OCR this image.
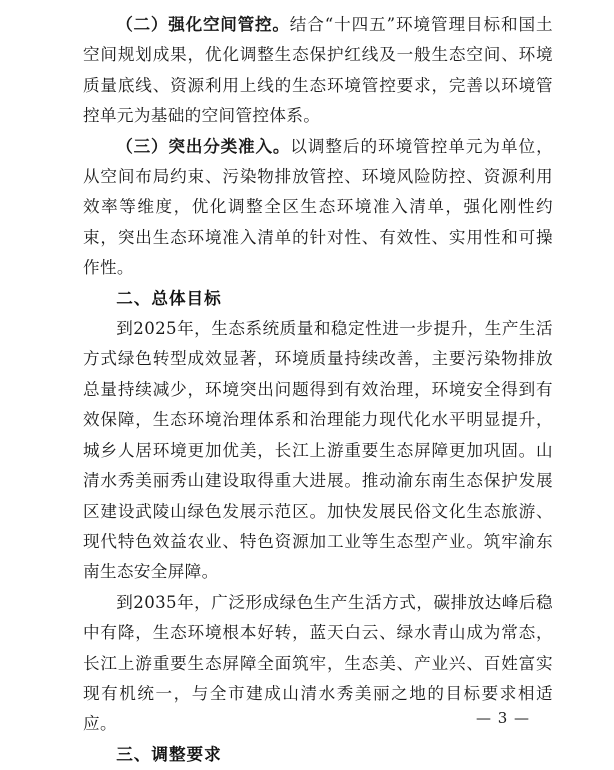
（二）强化空间管控。结合“十四五”环境管理目标和国土空间规划成果，优化调整生态保护红线及一般生态空间、环境质量底线、资源利用上线的生态环境管控要求，完善以环境管控单元为基础的空间管控体系。

（三）突出分类准入。以调整后的环境管控单元为单位，从空间布局约束、污染物排放管控、环境风险防控、资源利用效率等维度，优化调整全区生态环境准入清单，强化刚性约束，突出生态环境准入清单的针对性、有效性、实用性和可操作性。

二、总体目标

到2025年，生态系统质量和稳定性进一步提升，生产生活方式绿色转型成效显著，环境质量持续改善，主要污染物排放总量持续减少，环境突出问题得到有效治理，环境安全得到有效保障，生态环境治理体系和治理能力现代化水平明显提升，城乡人居环境更加优美，长江上游重要生态屏障更加巩固。山清水秀美丽秀山建设取得重大进展。推动渝东南生态保护发展区建设武陵山绿色发展示范区。加快发展民俗文化生态旅游、现代特色效益农业、特色资源加工业等生态型产业。筑牢渝东南生态安全屏障。

到2035年，广泛形成绿色生产生活方式，碳排放达峰后稳中有降，生态环境根本好转，蓝天白云、绿水青山成为常态，长江上游重要生态屏障全面筑牢，生态美、产业兴、百姓富实现有机统一，与全市建成山清水秀美丽之地的目标要求相适应。

三、调整要求

— 3 —
